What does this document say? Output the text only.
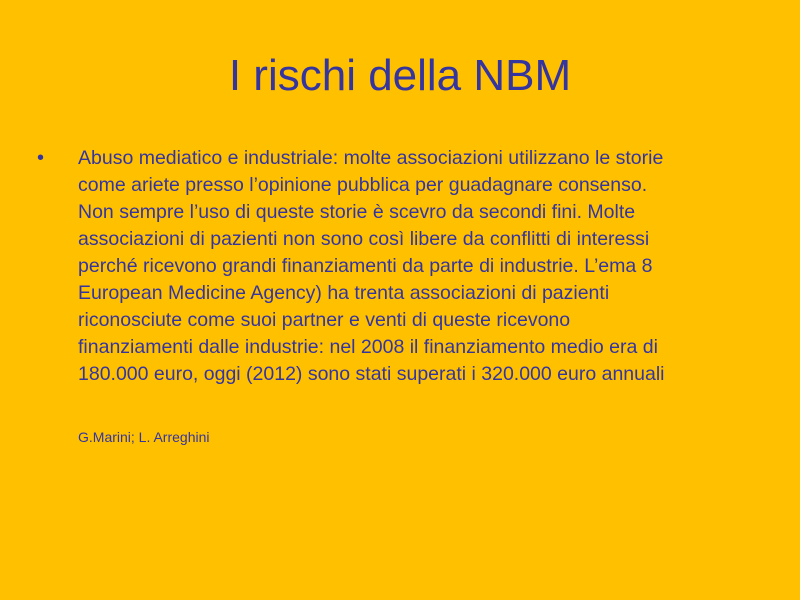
I rischi della NBM
• Abuso mediatico e industriale: molte associazioni utilizzano le storie
come ariete presso l’opinione pubblica per guadagnare consenso.
Non sempre l’uso di queste storie è scevro da secondi fini. Molte
associazioni di pazienti non sono così libere da conflitti di interessi
perché ricevono grandi finanziamenti da parte di industrie. L’ema 8
European Medicine Agency) ha trenta associazioni di pazienti
riconosciute come suoi partner e venti di queste ricevono
finanziamenti dalle industrie: nel 2008 il finanziamento medio era di
180.000 euro, oggi (2012) sono stati superati i 320.000 euro annuali
G.Marini; L. Arreghini
